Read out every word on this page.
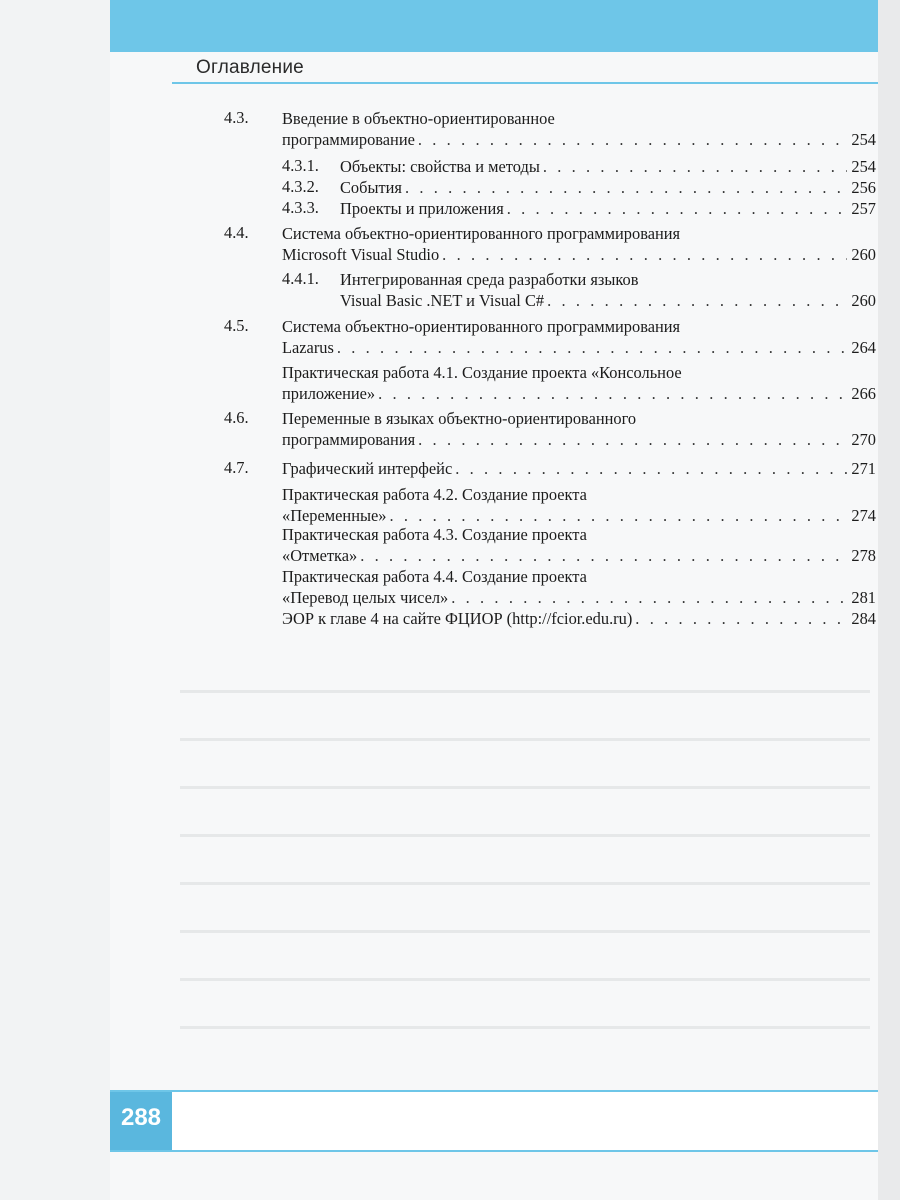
Оглавление
4.3. Введение в объектно-ориентированное
программирование . . .	254
4.3.1. Объекты: свойства и методы . . .	254
4.3.2. События . . .	256
4.3.3. Проекты и приложения . . .	257
4.4. Система объектно-ориентированного программирования
Microsoft Visual Studio . . .	260
4.4.1. Интегрированная среда разработки языков
Visual Basic .NET и Visual C# . . .	260
4.5. Система объектно-ориентированного программирования
Lazarus . . .	264
Практическая работа 4.1. Создание проекта «Консольное
приложение» . . .	266
4.6. Переменные в языках объектно-ориентированного
программирования . . .	270
4.7. Графический интерфейс . . .	271
Практическая работа 4.2. Создание проекта
«Переменные» . . .	274
Практическая работа 4.3. Создание проекта
«Отметка» . . .	278
Практическая работа 4.4. Создание проекта
«Перевод целых чисел» . . .	281
ЭОР к главе 4 на сайте ФЦИОР (http://fcior.edu.ru) . . .	284
288
